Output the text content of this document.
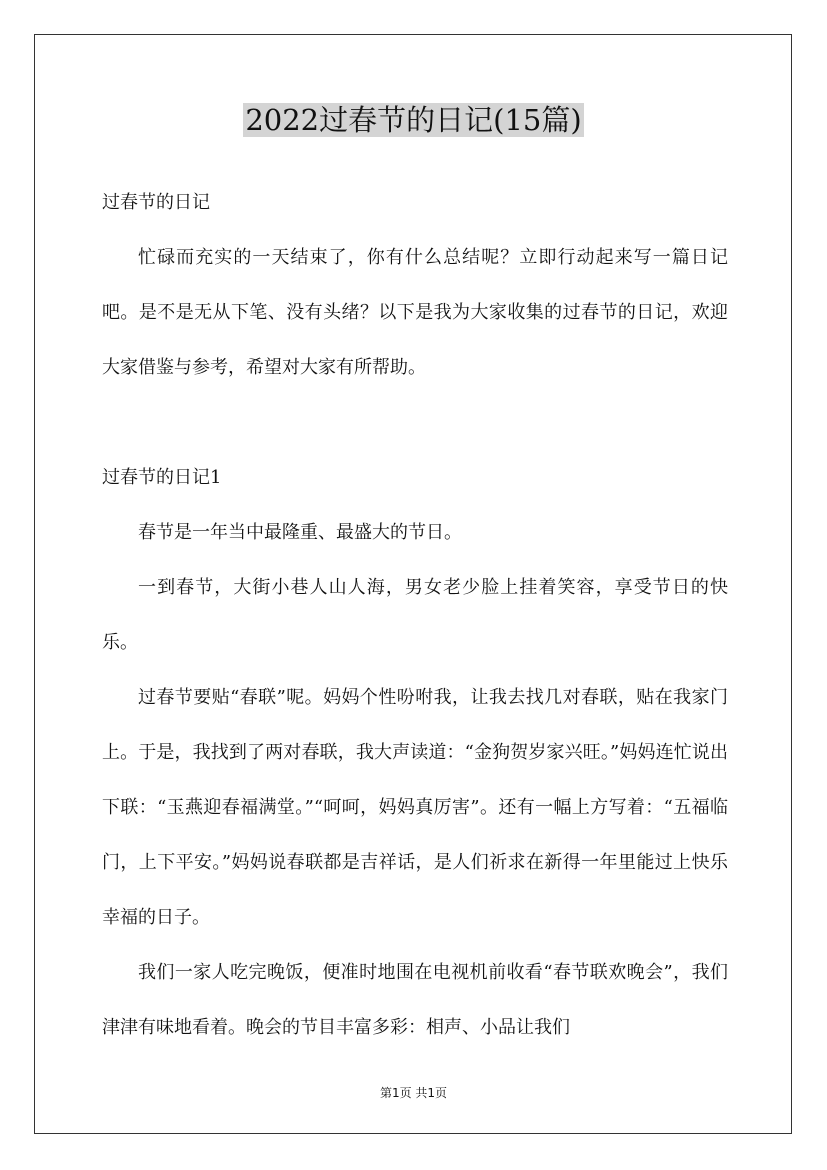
2022过春节的日记(15篇)

过春节的日记

忙碌而充实的一天结束了，你有什么总结呢？立即行动起来写一篇日记吧。是不是无从下笔、没有头绪？以下是我为大家收集的过春节的日记，欢迎大家借鉴与参考，希望对大家有所帮助。

过春节的日记1

春节是一年当中最隆重、最盛大的节日。

一到春节，大街小巷人山人海，男女老少脸上挂着笑容，享受节日的快乐。

过春节要贴“春联”呢。妈妈个性吩咐我，让我去找几对春联，贴在我家门上。于是，我找到了两对春联，我大声读道：“金狗贺岁家兴旺。”妈妈连忙说出下联：“玉燕迎春福满堂。”“呵呵，妈妈真厉害”。还有一幅上方写着：“五福临门，上下平安。”妈妈说春联都是吉祥话，是人们祈求在新得一年里能过上快乐幸福的日子。

我们一家人吃完晚饭，便准时地围在电视机前收看“春节联欢晚会”，我们津津有味地看着。晚会的节目丰富多彩：相声、小品让我们

第1页 共1页
